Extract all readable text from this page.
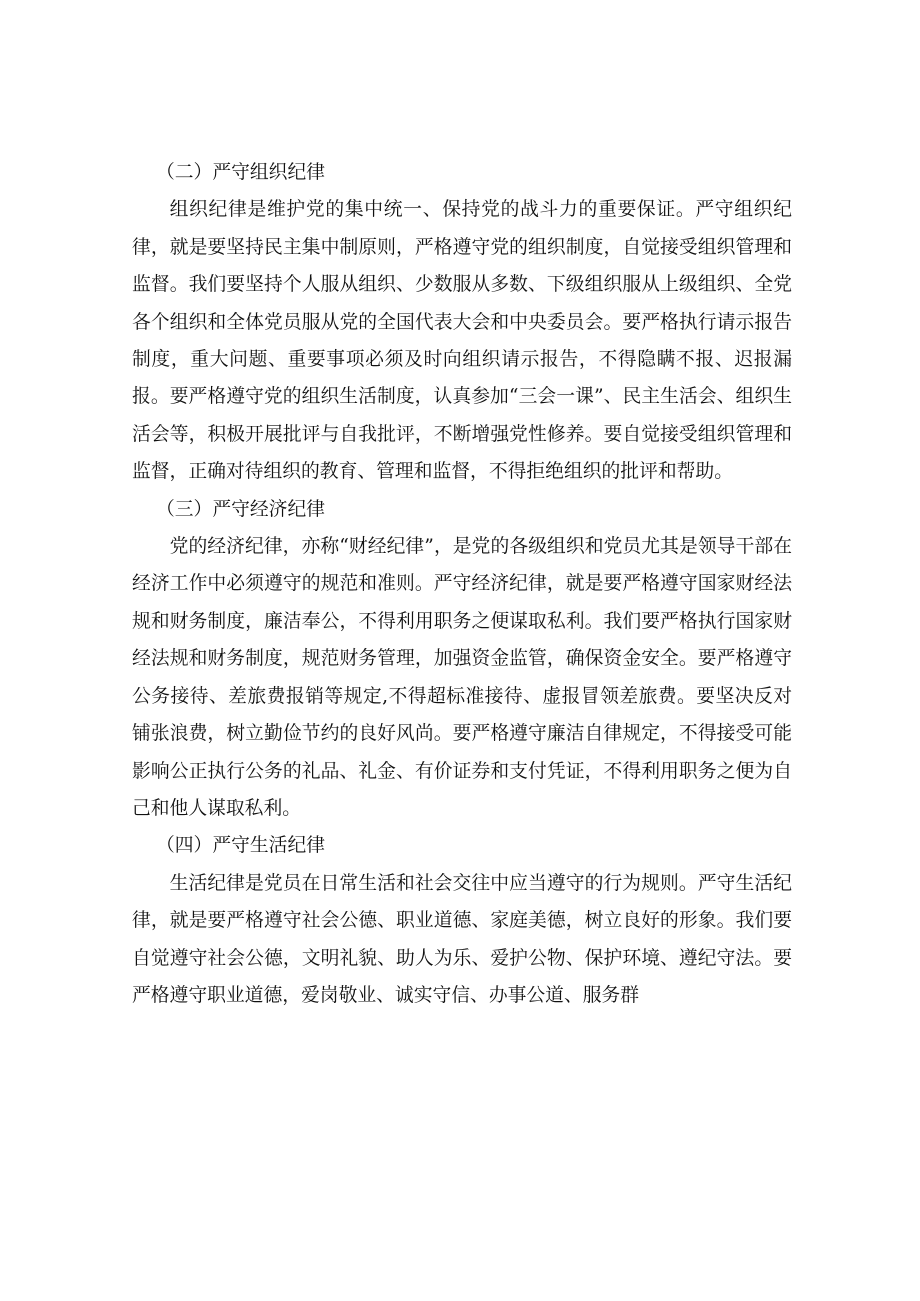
（二）严守组织纪律

组织纪律是维护党的集中统一、保持党的战斗力的重要保证。严守组织纪律，就是要坚持民主集中制原则，严格遵守党的组织制度，自觉接受组织管理和监督。我们要坚持个人服从组织、少数服从多数、下级组织服从上级组织、全党各个组织和全体党员服从党的全国代表大会和中央委员会。要严格执行请示报告制度，重大问题、重要事项必须及时向组织请示报告，不得隐瞒不报、迟报漏报。要严格遵守党的组织生活制度，认真参加“三会一课”、民主生活会、组织生活会等，积极开展批评与自我批评，不断增强党性修养。要自觉接受组织管理和监督，正确对待组织的教育、管理和监督，不得拒绝组织的批评和帮助。

（三）严守经济纪律

党的经济纪律，亦称“财经纪律”，是党的各级组织和党员尤其是领导干部在经济工作中必须遵守的规范和准则。严守经济纪律，就是要严格遵守国家财经法规和财务制度，廉洁奉公，不得利用职务之便谋取私利。我们要严格执行国家财经法规和财务制度，规范财务管理，加强资金监管，确保资金安全。要严格遵守公务接待、差旅费报销等规定,不得超标准接待、虚报冒领差旅费。要坚决反对铺张浪费，树立勤俭节约的良好风尚。要严格遵守廉洁自律规定，不得接受可能影响公正执行公务的礼品、礼金、有价证券和支付凭证，不得利用职务之便为自己和他人谋取私利。

（四）严守生活纪律

生活纪律是党员在日常生活和社会交往中应当遵守的行为规则。严守生活纪律，就是要严格遵守社会公德、职业道德、家庭美德，树立良好的形象。我们要自觉遵守社会公德，文明礼貌、助人为乐、爱护公物、保护环境、遵纪守法。要严格遵守职业道德，爱岗敬业、诚实守信、办事公道、服务群
